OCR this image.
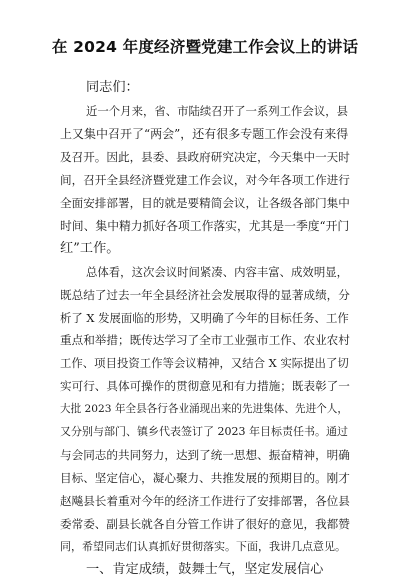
在 2024 年度经济暨党建工作会议上的讲话
同志们：
近一个月来，省、市陆续召开了一系列工作会议，县
上又集中召开了“两会”，还有很多专题工作会没有来得
及召开。因此，县委、县政府研究决定，今天集中一天时
间，召开全县经济暨党建工作会议，对今年各项工作进行
全面安排部署，目的就是要精简会议，让各级各部门集中
时间、集中精力抓好各项工作落实，尤其是一季度“开门
红”工作。
总体看，这次会议时间紧凑、内容丰富、成效明显，
既总结了过去一年全县经济社会发展取得的显著成绩，分
析了 X 发展面临的形势，又明确了今年的目标任务、工作
重点和举措；既传达学习了全市工业强市工作、农业农村
工作、项目投资工作等会议精神，又结合 X 实际提出了切
实可行、具体可操作的贯彻意见和有力措施；既表彰了一
大批 2023 年全县各行各业涌现出来的先进集体、先进个人，
又分别与部门、镇乡代表签订了 2023 年目标责任书。通过
与会同志的共同努力，达到了统一思想、振奋精神，明确
目标、坚定信心，凝心聚力、共推发展的预期目的。刚才
赵飚县长着重对今年的经济工作进行了安排部署，各位县
委常委、副县长就各自分管工作讲了很好的意见，我都赞
同，希望同志们认真抓好贯彻落实。下面，我讲几点意见。
一、肯定成绩，鼓舞士气，坚定发展信心
